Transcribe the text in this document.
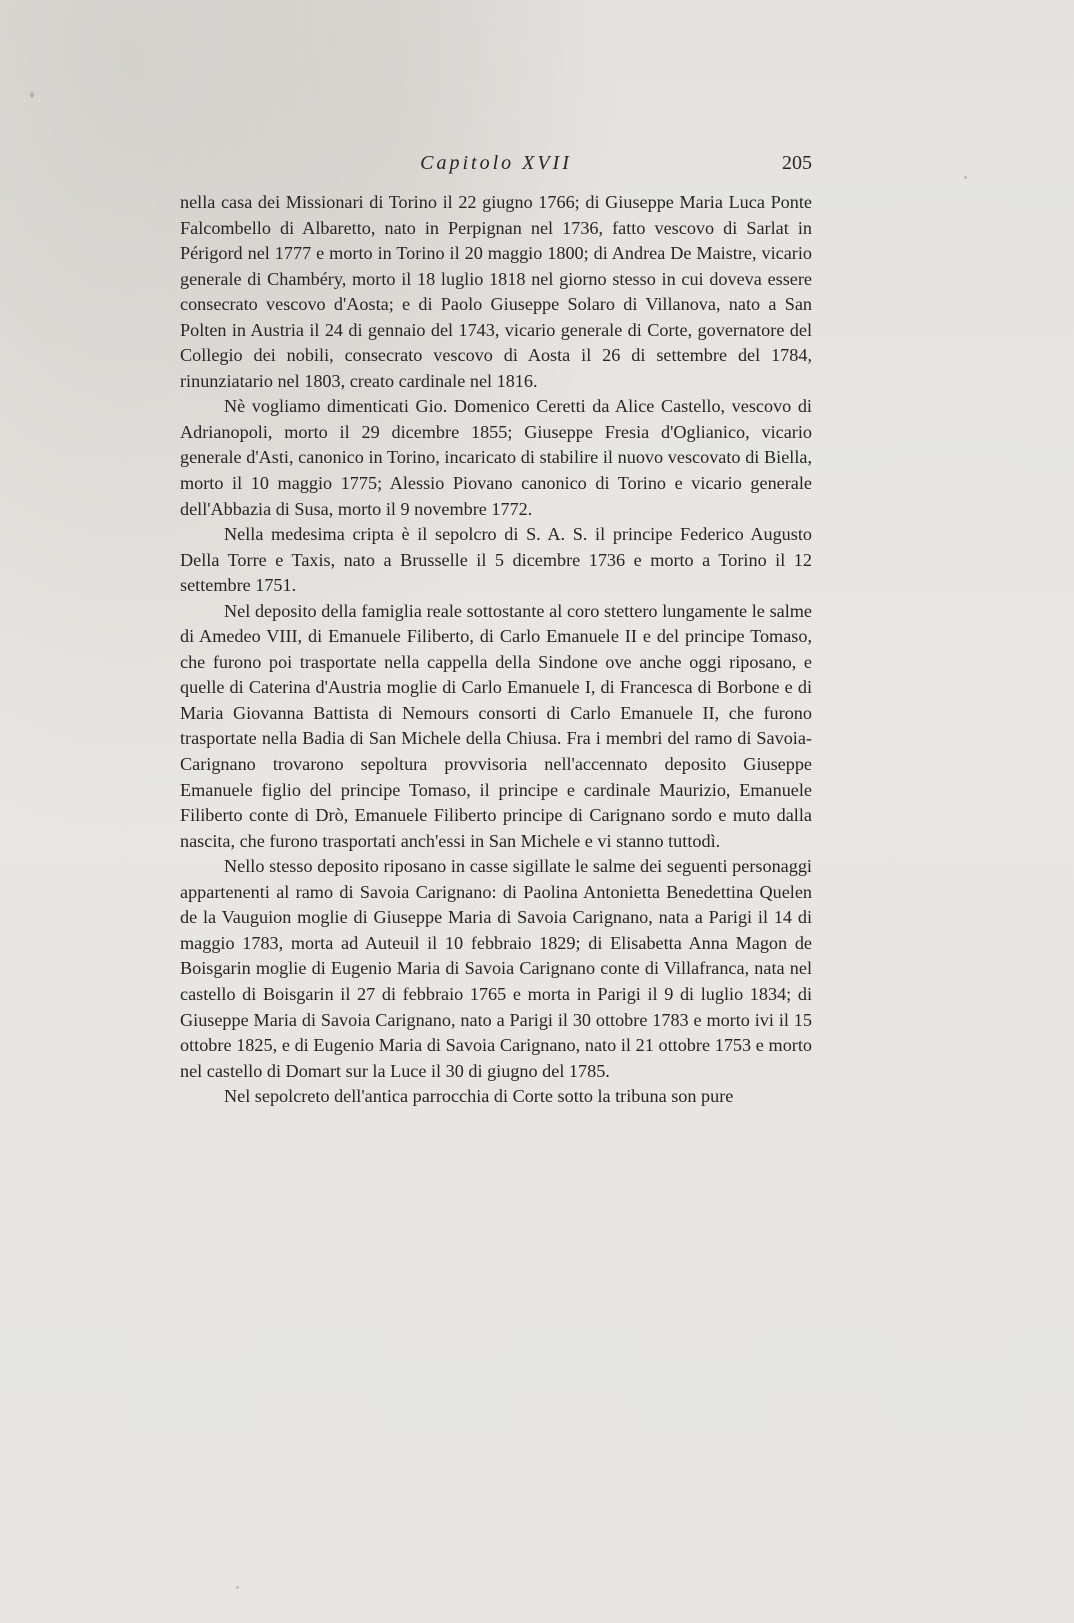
Capitolo XVII	205

nella casa dei Missionari di Torino il 22 giugno 1766; di Giuseppe Maria Luca Ponte Falcombello di Albaretto, nato in Perpignan nel 1736, fatto vescovo di Sarlat in Périgord nel 1777 e morto in Torino il 20 maggio 1800; di Andrea De Maistre, vicario generale di Chambéry, morto il 18 luglio 1818 nel giorno stesso in cui doveva essere consecrato vescovo d'Aosta; e di Paolo Giuseppe Solaro di Villanova, nato a San Polten in Austria il 24 di gennaio del 1743, vicario generale di Corte, governatore del Collegio dei nobili, consecrato vescovo di Aosta il 26 di settembre del 1784, rinunziatario nel 1803, creato cardinale nel 1816.

Nè vogliamo dimenticati Gio. Domenico Ceretti da Alice Castello, vescovo di Adrianopoli, morto il 29 dicembre 1855; Giuseppe Fresia d'Oglianico, vicario generale d'Asti, canonico in Torino, incaricato di stabilire il nuovo vescovato di Biella, morto il 10 maggio 1775; Alessio Piovano canonico di Torino e vicario generale dell'Abbazia di Susa, morto il 9 novembre 1772.

Nella medesima cripta è il sepolcro di S. A. S. il principe Federico Augusto Della Torre e Taxis, nato a Brusselle il 5 dicembre 1736 e morto a Torino il 12 settembre 1751.

Nel deposito della famiglia reale sottostante al coro stettero lungamente le salme di Amedeo VIII, di Emanuele Filiberto, di Carlo Emanuele II e del principe Tomaso, che furono poi trasportate nella cappella della Sindone ove anche oggi riposano, e quelle di Caterina d'Austria moglie di Carlo Emanuele I, di Francesca di Borbone e di Maria Giovanna Battista di Nemours consorti di Carlo Emanuele II, che furono trasportate nella Badia di San Michele della Chiusa. Fra i membri del ramo di Savoia-Carignano trovarono sepoltura provvisoria nell'accennato deposito Giuseppe Emanuele figlio del principe Tomaso, il principe e cardinale Maurizio, Emanuele Filiberto conte di Drò, Emanuele Filiberto principe di Carignano sordo e muto dalla nascita, che furono trasportati anch'essi in San Michele e vi stanno tuttodì.

Nello stesso deposito riposano in casse sigillate le salme dei seguenti personaggi appartenenti al ramo di Savoia Carignano: di Paolina Antonietta Benedettina Quelen de la Vauguion moglie di Giuseppe Maria di Savoia Carignano, nata a Parigi il 14 di maggio 1783, morta ad Auteuil il 10 febbraio 1829; di Elisabetta Anna Magon de Boisgarin moglie di Eugenio Maria di Savoia Carignano conte di Villafranca, nata nel castello di Boisgarin il 27 di febbraio 1765 e morta in Parigi il 9 di luglio 1834; di Giuseppe Maria di Savoia Carignano, nato a Parigi il 30 ottobre 1783 e morto ivi il 15 ottobre 1825, e di Eugenio Maria di Savoia Carignano, nato il 21 ottobre 1753 e morto nel castello di Domart sur la Luce il 30 di giugno del 1785.

Nel sepolcreto dell'antica parrocchia di Corte sotto la tribuna son pure
